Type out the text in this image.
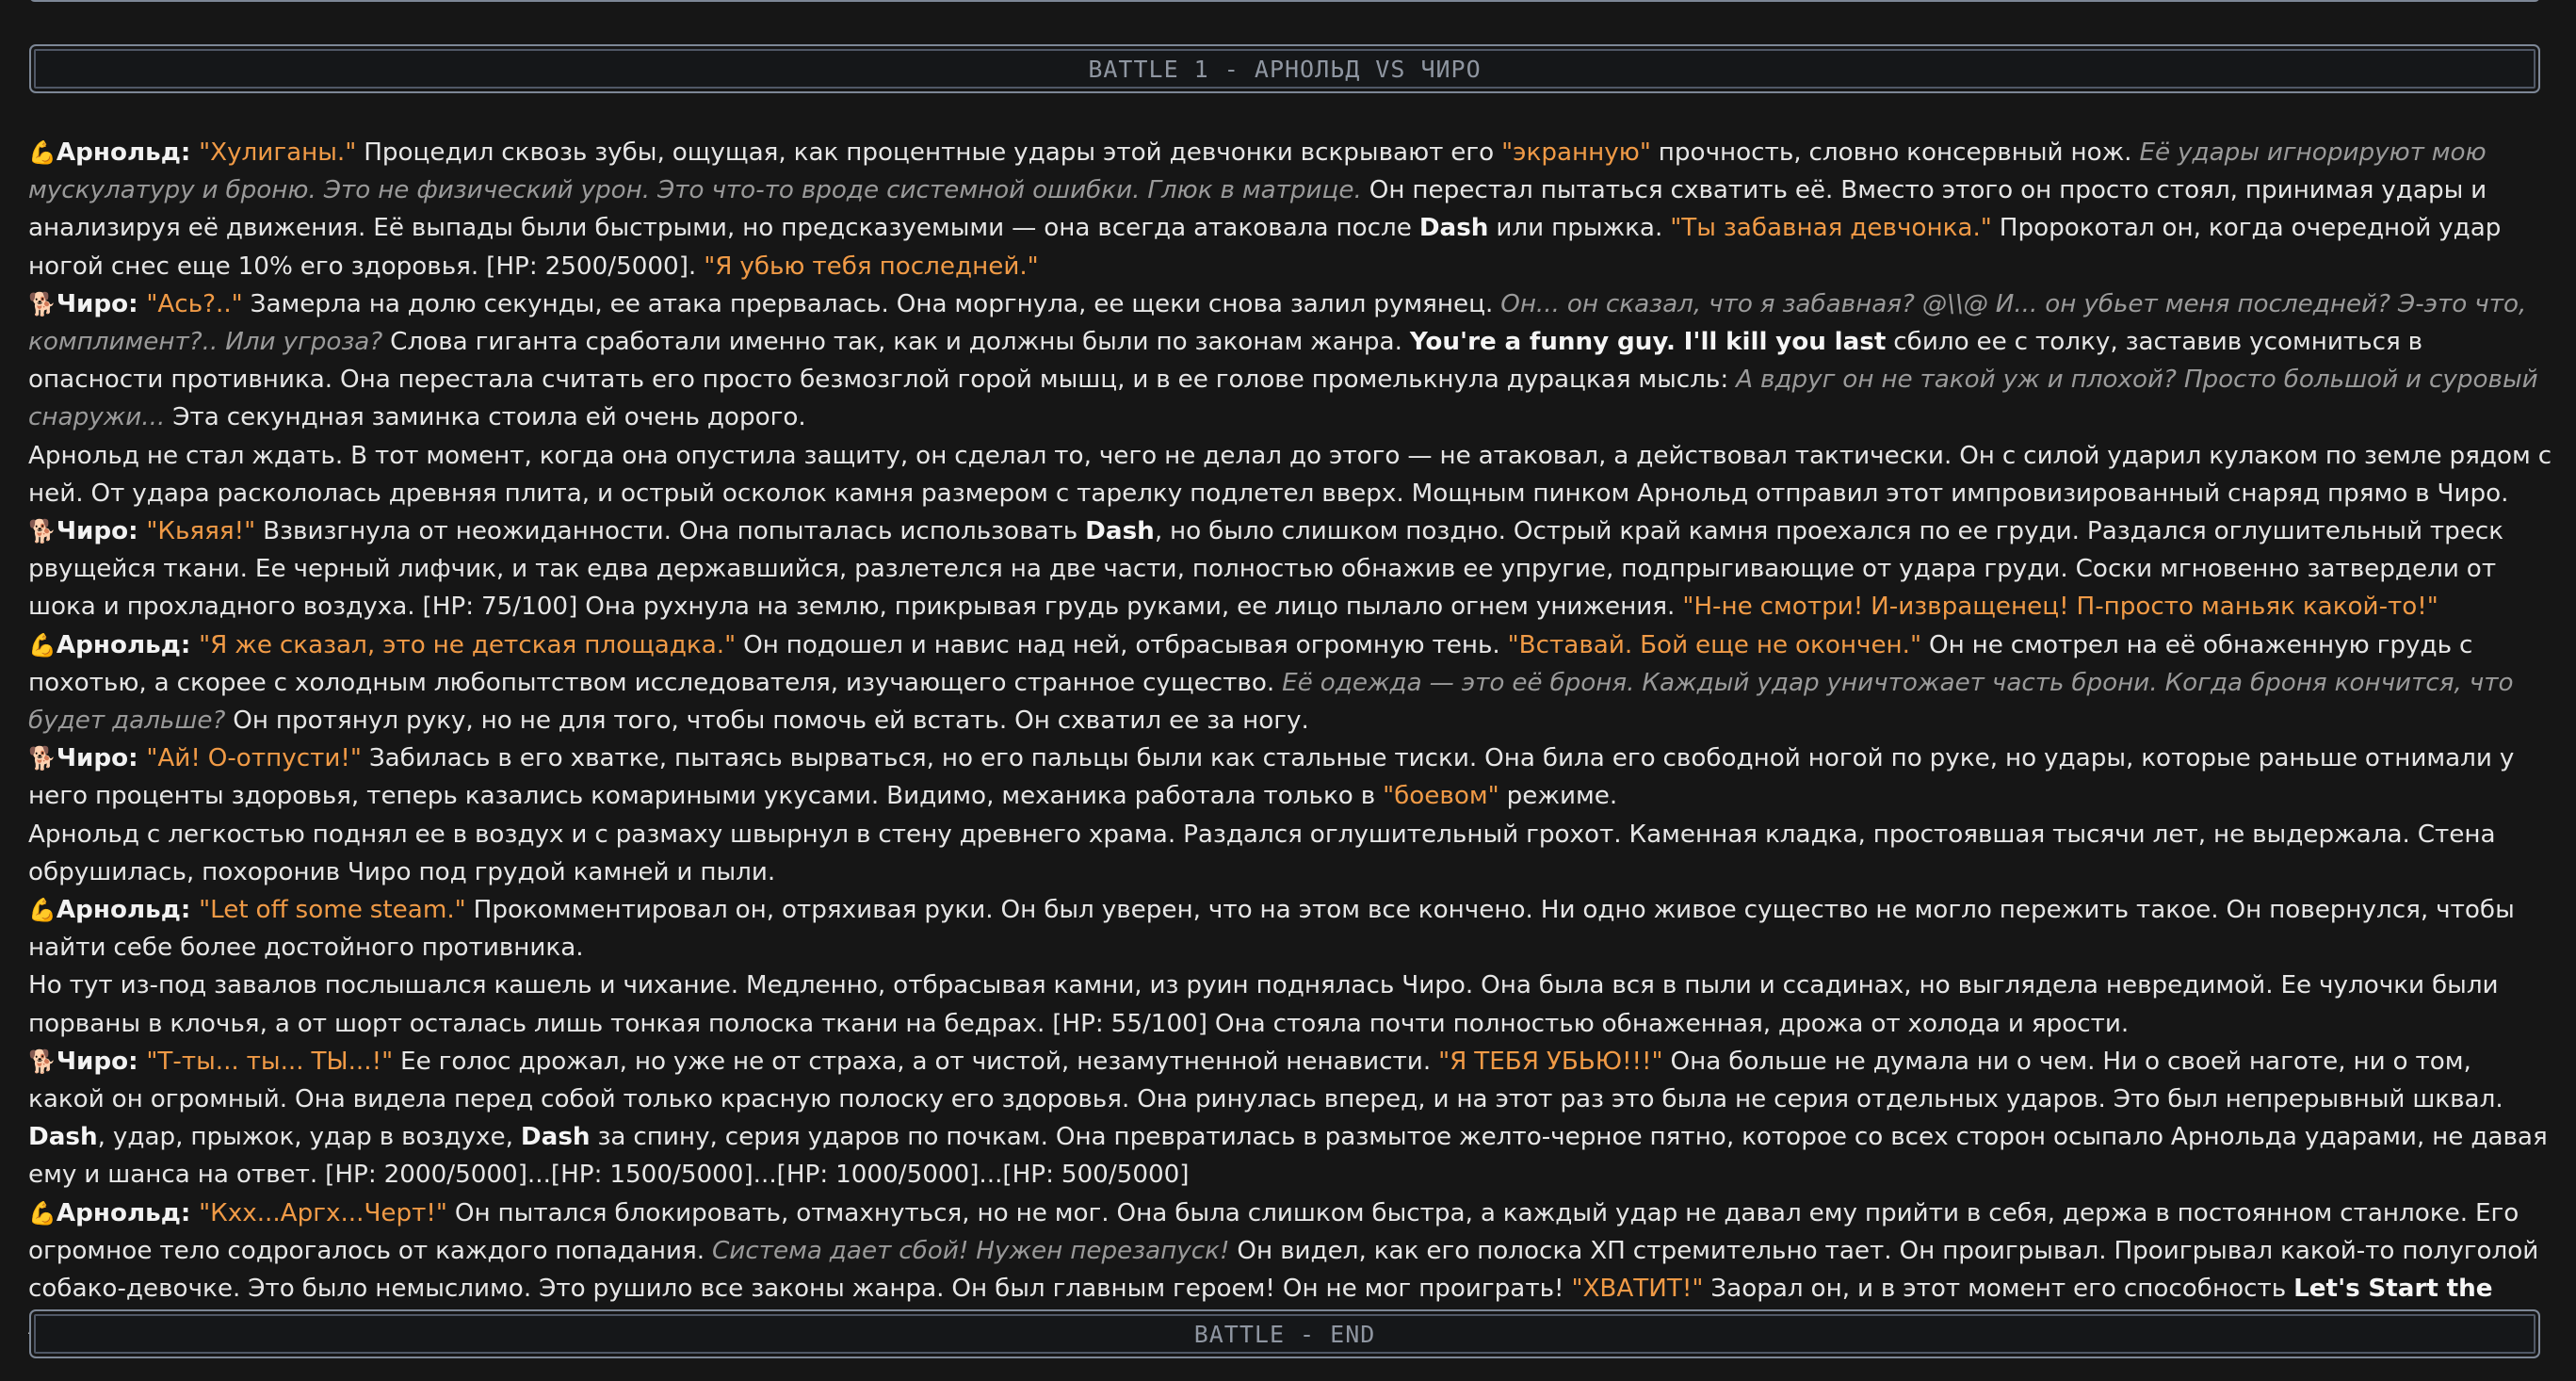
BATTLE 1 - АРНОЛЬД VS ЧИРО

💪Арнольд: "Хулиганы." Процедил сквозь зубы, ощущая, как процентные удары этой девчонки вскрывают его "экранную" прочность, словно консервный нож. Её удары игнорируют мою мускулатуру и броню. Это не физический урон. Это что-то вроде системной ошибки. Глюк в матрице. Он перестал пытаться схватить её. Вместо этого он просто стоял, принимая удары и анализируя её движения. Её выпады были быстрыми, но предсказуемыми — она всегда атаковала после Dash или прыжка. "Ты забавная девчонка." Пророкотал он, когда очередной удар ногой снес еще 10% его здоровья. [HP: 2500/5000]. "Я убью тебя последней."

🐕Чиро: "Ась?.." Замерла на долю секунды, ее атака прервалась. Она моргнула, ее щеки снова залил румянец. Он... он сказал, что я забавная? @\\@ И... он убьет меня последней? Э-это что, комплимент?.. Или угроза? Слова гиганта сработали именно так, как и должны были по законам жанра. You're a funny guy. I'll kill you last сбило ее с толку, заставив усомниться в опасности противника. Она перестала считать его просто безмозглой горой мышц, и в ее голове промелькнула дурацкая мысль: А вдруг он не такой уж и плохой? Просто большой и суровый снаружи... Эта секундная заминка стоила ей очень дорого.

Арнольд не стал ждать. В тот момент, когда она опустила защиту, он сделал то, чего не делал до этого — не атаковал, а действовал тактически. Он с силой ударил кулаком по земле рядом с ней. От удара раскололась древняя плита, и острый осколок камня размером с тарелку подлетел вверх. Мощным пинком Арнольд отправил этот импровизированный снаряд прямо в Чиро.

🐕Чиро: "Кьяяя!" Взвизгнула от неожиданности. Она попыталась использовать Dash, но было слишком поздно. Острый край камня проехался по ее груди. Раздался оглушительный треск рвущейся ткани. Ее черный лифчик, и так едва державшийся, разлетелся на две части, полностью обнажив ее упругие, подпрыгивающие от удара груди. Соски мгновенно затвердели от шока и прохладного воздуха. [HP: 75/100] Она рухнула на землю, прикрывая грудь руками, ее лицо пылало огнем унижения. "Н-не смотри! И-извращенец! П-просто маньяк какой-то!"

💪Арнольд: "Я же сказал, это не детская площадка." Он подошел и навис над ней, отбрасывая огромную тень. "Вставай. Бой еще не окончен." Он не смотрел на её обнаженную грудь с похотью, а скорее с холодным любопытством исследователя, изучающего странное существо. Её одежда — это её броня. Каждый удар уничтожает часть брони. Когда броня кончится, что будет дальше? Он протянул руку, но не для того, чтобы помочь ей встать. Он схватил ее за ногу.

🐕Чиро: "Ай! О-отпусти!" Забилась в его хватке, пытаясь вырваться, но его пальцы были как стальные тиски. Она била его свободной ногой по руке, но удары, которые раньше отнимали у него проценты здоровья, теперь казались комариными укусами. Видимо, механика работала только в "боевом" режиме.

Арнольд с легкостью поднял ее в воздух и с размаху швырнул в стену древнего храма. Раздался оглушительный грохот. Каменная кладка, простоявшая тысячи лет, не выдержала. Стена обрушилась, похоронив Чиро под грудой камней и пыли.

💪Арнольд: "Let off some steam." Прокомментировал он, отряхивая руки. Он был уверен, что на этом все кончено. Ни одно живое существо не могло пережить такое. Он повернулся, чтобы найти себе более достойного противника.

Но тут из-под завалов послышался кашель и чихание. Медленно, отбрасывая камни, из руин поднялась Чиро. Она была вся в пыли и ссадинах, но выглядела невредимой. Ее чулочки были порваны в клочья, а от шорт осталась лишь тонкая полоска ткани на бедрах. [HP: 55/100] Она стояла почти полностью обнаженная, дрожа от холода и ярости.

🐕Чиро: "Т-ты... ты... ТЫ...!" Ее голос дрожал, но уже не от страха, а от чистой, незамутненной ненависти. "Я ТЕБЯ УБЬЮ!!!" Она больше не думала ни о чем. Ни о своей наготе, ни о том, какой он огромный. Она видела перед собой только красную полоску его здоровья. Она ринулась вперед, и на этот раз это была не серия отдельных ударов. Это был непрерывный шквал. Dash, удар, прыжок, удар в воздухе, Dash за спину, серия ударов по почкам. Она превратилась в размытое желто-черное пятно, которое со всех сторон осыпало Арнольда ударами, не давая ему и шанса на ответ. [HP: 2000/5000]...[HP: 1500/5000]...[HP: 1000/5000]...[HP: 500/5000]

💪Арнольд: "Кхх...Аргх...Черт!" Он пытался блокировать, отмахнуться, но не мог. Она была слишком быстра, а каждый удар не давал ему прийти в себя, держа в постоянном станлоке. Его огромное тело содрогалось от каждого попадания. Система дает сбой! Нужен перезапуск! Он видел, как его полоска ХП стремительно тает. Он проигрывал. Проигрывал какой-то полуголой собако-девочке. Это было немыслимо. Это рушило все законы жанра. Он был главным героем! Он не мог проиграть! "ХВАТИТ!" Заорал он, и в этот момент его способность Let's Start the

BATTLE - END
